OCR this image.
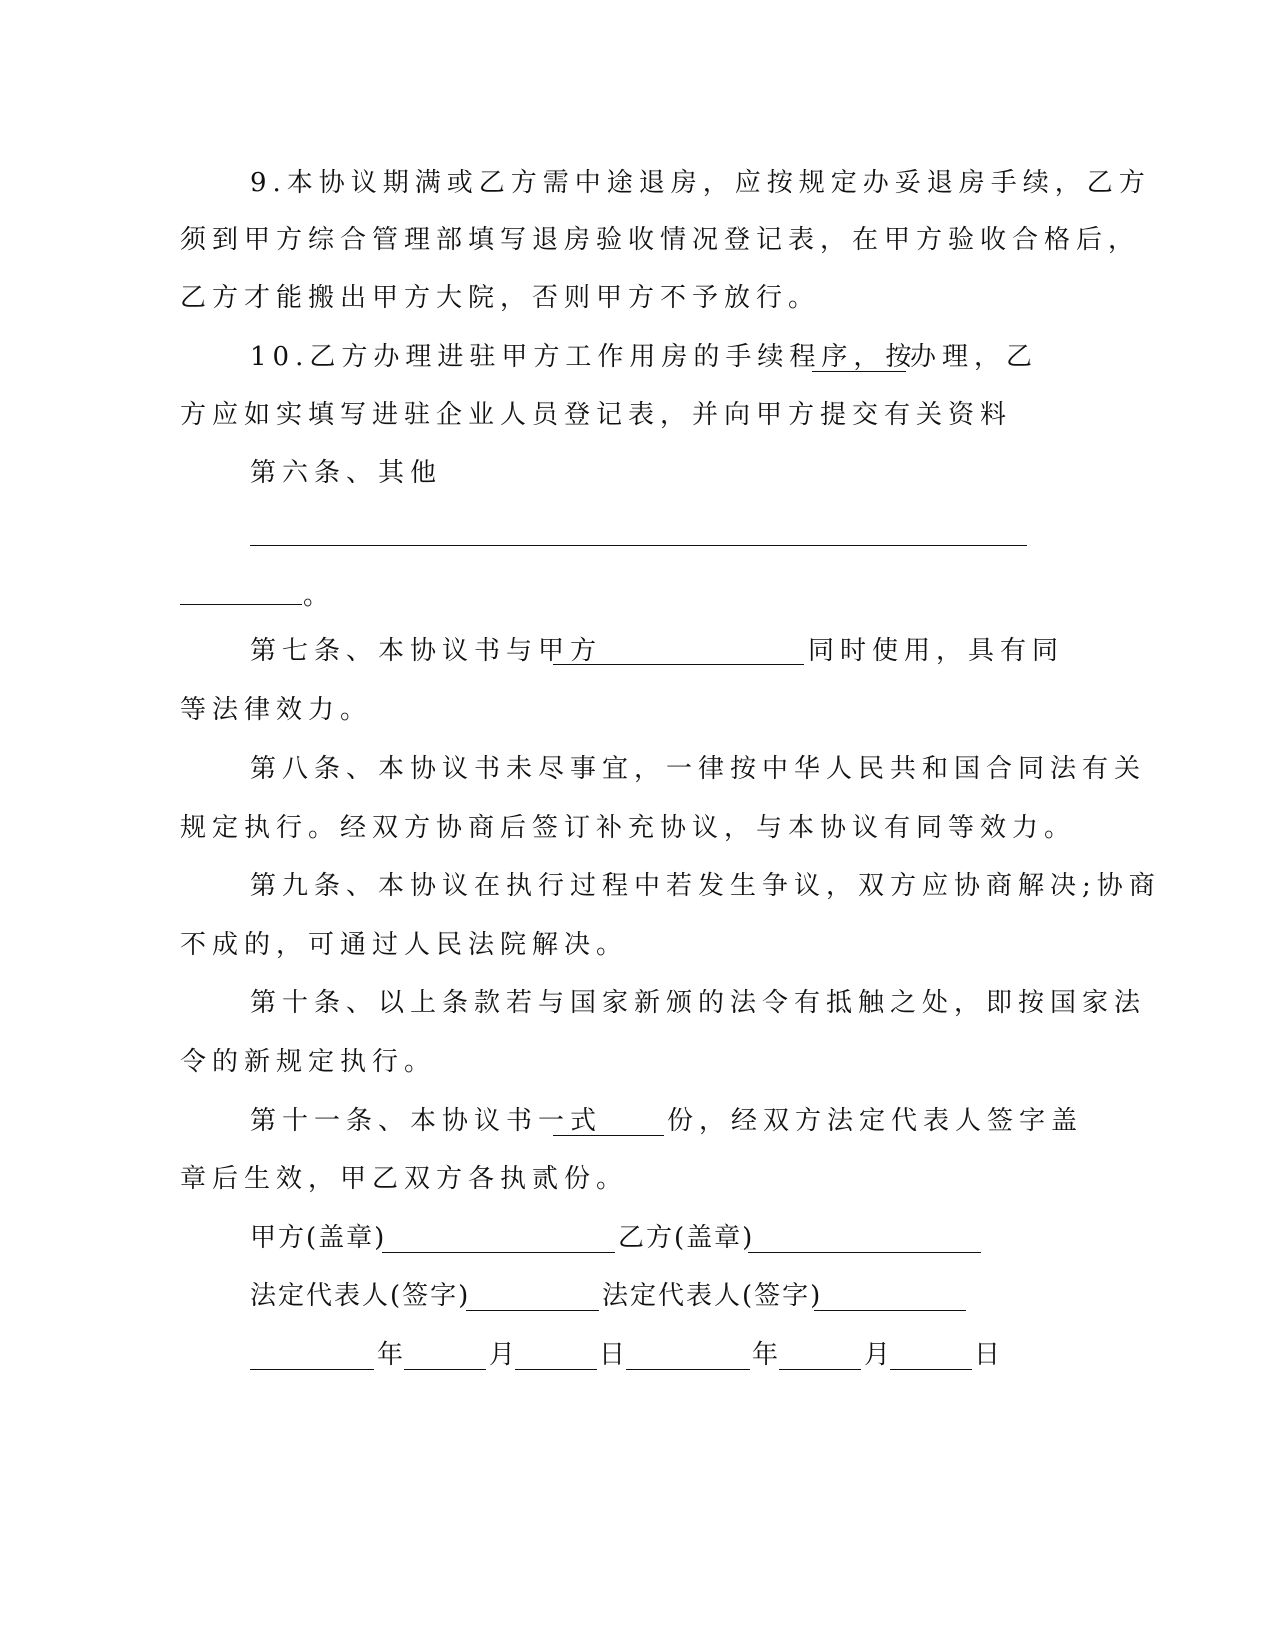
9.本协议期满或乙方需中途退房，应按规定办妥退房手续，乙方
须到甲方综合管理部填写退房验收情况登记表，在甲方验收合格后，
乙方才能搬出甲方大院，否则甲方不予放行。
10.乙方办理进驻甲方工作用房的手续程序，按
办理，乙
方应如实填写进驻企业人员登记表，并向甲方提交有关资料
第六条、其他
。
第七条、本协议书与甲方	同时使用，具有同
等法律效力。
第八条、本协议书未尽事宜，一律按中华人民共和国合同法有关
规定执行。经双方协商后签订补充协议，与本协议有同等效力。
第九条、本协议在执行过程中若发生争议，双方应协商解决;协商
不成的，可通过人民法院解决。
第十条、以上条款若与国家新颁的法令有抵触之处，即按国家法
令的新规定执行。
第十一条、本协议书一式 份，经双方法定代表人签字盖
章后生效，甲乙双方各执贰份。
甲方(盖章)	乙方(盖章)
法定代表人(签字)	法定代表人(签字)
年	月	日	年	月	日
